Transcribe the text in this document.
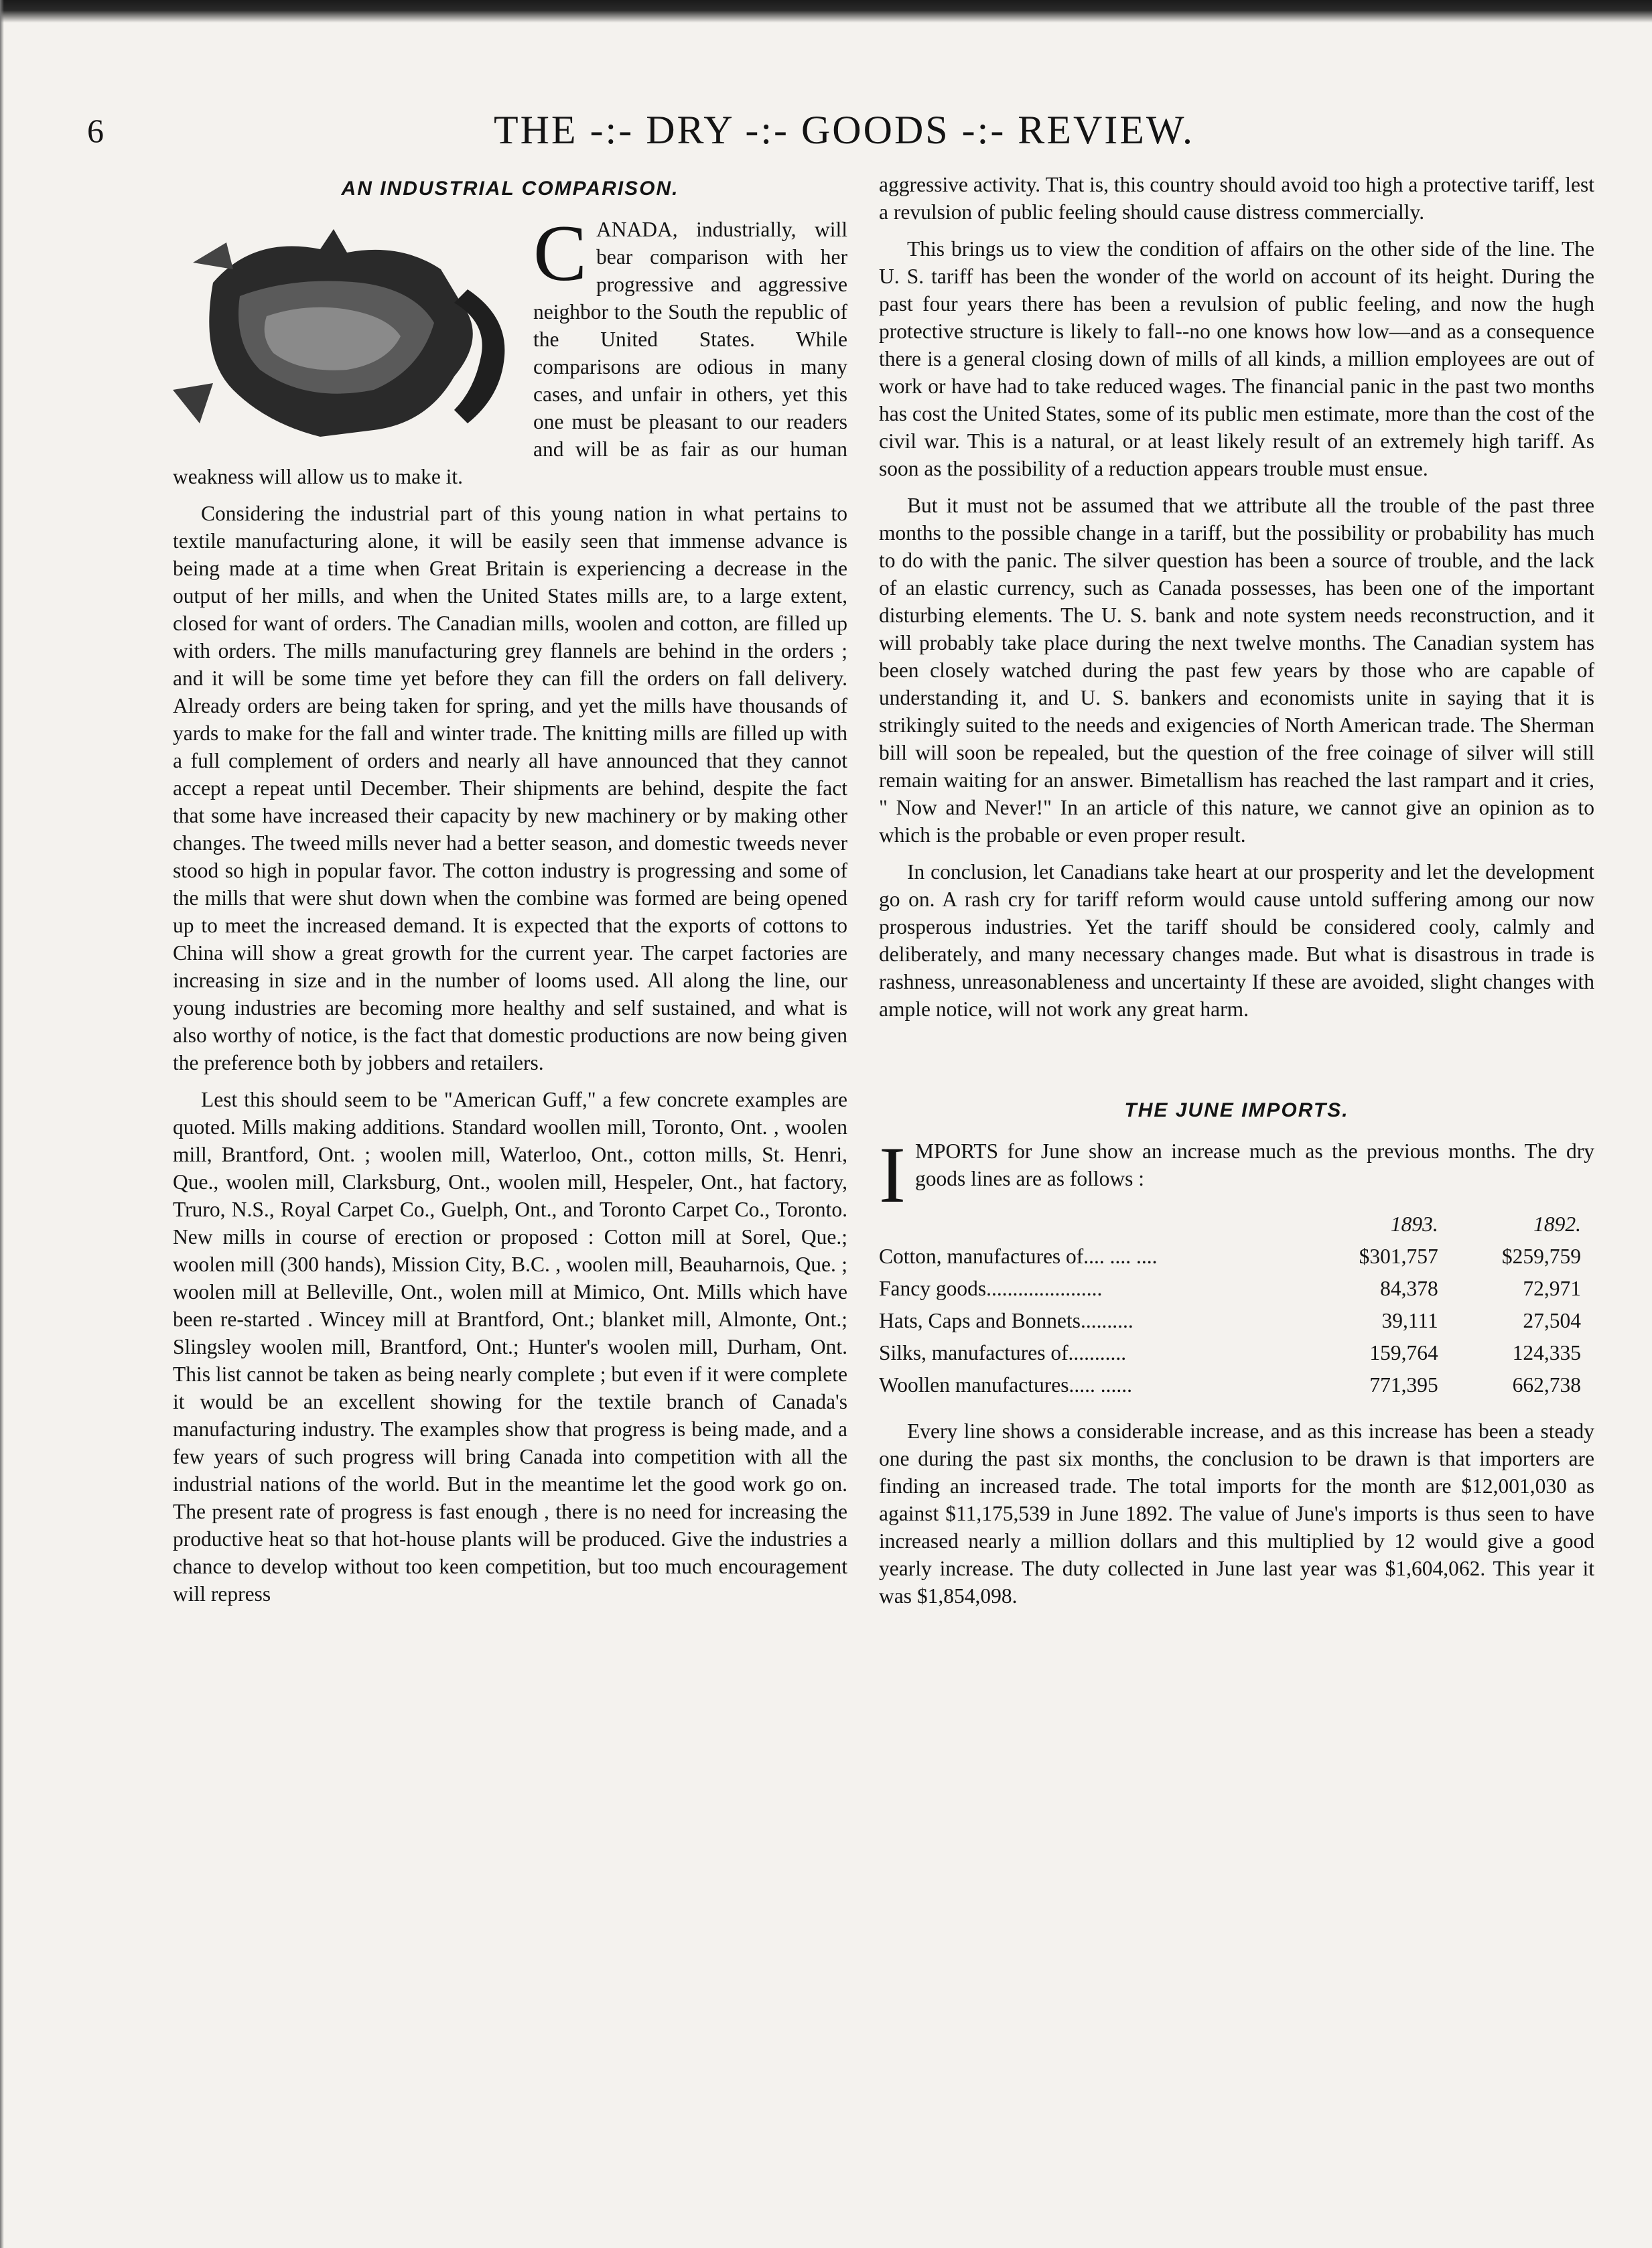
6	THE -:- DRY -:- GOODS -:- REVIEW.
AN INDUSTRIAL COMPARISON.

CANADA, industrially, will bear comparison with her progressive and aggressive neighbor to the South the republic of the United States. While comparisons are odious in many cases, and unfair in others, yet this one must be pleasant to our readers and will be as fair as our human weakness will allow us to make it.

Considering the industrial part of this young nation in what pertains to textile manufacturing alone, it will be easily seen that immense advance is being made at a time when Great Britain is experiencing a decrease in the output of her mills, and when the United States mills are, to a large extent, closed for want of orders. The Canadian mills, woolen and cotton, are filled up with orders. The mills manufacturing grey flannels are behind in the orders ; and it will be some time yet before they can fill the orders on fall delivery. Already orders are being taken for spring, and yet the mills have thousands of yards to make for the fall and winter trade. The knitting mills are filled up with a full complement of orders and nearly all have announced that they cannot accept a repeat until December. Their shipments are behind, despite the fact that some have increased their capacity by new machinery or by making other changes. The tweed mills never had a better season, and domestic tweeds never stood so high in popular favor. The cotton industry is progressing and some of the mills that were shut down when the combine was formed are being opened up to meet the increased demand. It is expected that the exports of cottons to China will show a great growth for the current year. The carpet factories are increasing in size and in the number of looms used. All along the line, our young industries are becoming more healthy and self sustained, and what is also worthy of notice, is the fact that domestic productions are now being given the preference both by jobbers and retailers.

Lest this should seem to be "American Guff," a few concrete examples are quoted. Mills making additions. Standard woollen mill, Toronto, Ont. , woolen mill, Brantford, Ont. ; woolen mill, Waterloo, Ont., cotton mills, St. Henri, Que., woolen mill, Clarksburg, Ont., woolen mill, Hespeler, Ont., hat factory, Truro, N.S., Royal Carpet Co., Guelph, Ont., and Toronto Carpet Co., Toronto. New mills in course of erection or proposed : Cotton mill at Sorel, Que.; woolen mill (300 hands), Mission City, B.C. , woolen mill, Beauharnois, Que. ; woolen mill at Belleville, Ont., wolen mill at Mimico, Ont. Mills which have been re-started . Wincey mill at Brantford, Ont.; blanket mill, Almonte, Ont.; Slingsley woolen mill, Brantford, Ont.; Hunter's woolen mill, Durham, Ont. This list cannot be taken as being nearly complete ; but even if it were complete it would be an excellent showing for the textile branch of Canada's manufacturing industry. The examples show that progress is being made, and a few years of such progress will bring Canada into competition with all the industrial nations of the world. But in the meantime let the good work go on. The present rate of progress is fast enough , there is no need for increasing the productive heat so that hot-house plants will be produced. Give the industries a chance to develop without too keen competition, but too much encouragement will repress

aggressive activity. That is, this country should avoid too high a protective tariff, lest a revulsion of public feeling should cause distress commercially.

This brings us to view the condition of affairs on the other side of the line. The U. S. tariff has been the wonder of the world on account of its height. During the past four years there has been a revulsion of public feeling, and now the hugh protective structure is likely to fall--no one knows how low—and as a consequence there is a general closing down of mills of all kinds, a million employees are out of work or have had to take reduced wages. The financial panic in the past two months has cost the United States, some of its public men estimate, more than the cost of the civil war. This is a natural, or at least likely result of an extremely high tariff. As soon as the possibility of a reduction appears trouble must ensue.

But it must not be assumed that we attribute all the trouble of the past three months to the possible change in a tariff, but the possibility or probability has much to do with the panic. The silver question has been a source of trouble, and the lack of an elastic currency, such as Canada possesses, has been one of the important disturbing elements. The U. S. bank and note system needs reconstruction, and it will probably take place during the next twelve months. The Canadian system has been closely watched during the past few years by those who are capable of understanding it, and U. S. bankers and economists unite in saying that it is strikingly suited to the needs and exigencies of North American trade. The Sherman bill will soon be repealed, but the question of the free coinage of silver will still remain waiting for an answer. Bimetallism has reached the last rampart and it cries, " Now and Never!" In an article of this nature, we cannot give an opinion as to which is the probable or even proper result.

In conclusion, let Canadians take heart at our prosperity and let the development go on. A rash cry for tariff reform would cause untold suffering among our now prosperous industries. Yet the tariff should be considered cooly, calmly and deliberately, and many necessary changes made. But what is disastrous in trade is rashness, unreasonableness and uncertainty If these are avoided, slight changes with ample notice, will not work any great harm.

THE JUNE IMPORTS.

IMPORTS for June show an increase much as the previous months. The dry goods lines are as follows :

	1893.	1892.
Cotton, manufactures of.... .... ....	$301,757	$259,759
Fancy goods......................	84,378	72,971
Hats, Caps and Bonnets..........	39,111	27,504
Silks, manufactures of...........	159,764	124,335
Woollen manufactures..... ......	771,395	662,738

Every line shows a considerable increase, and as this increase has been a steady one during the past six months, the conclusion to be drawn is that importers are finding an increased trade. The total imports for the month are $12,001,030 as against $11,175,539 in June 1892. The value of June's imports is thus seen to have increased nearly a million dollars and this multiplied by 12 would give a good yearly increase. The duty collected in June last year was $1,604,062. This year it was $1,854,098.
